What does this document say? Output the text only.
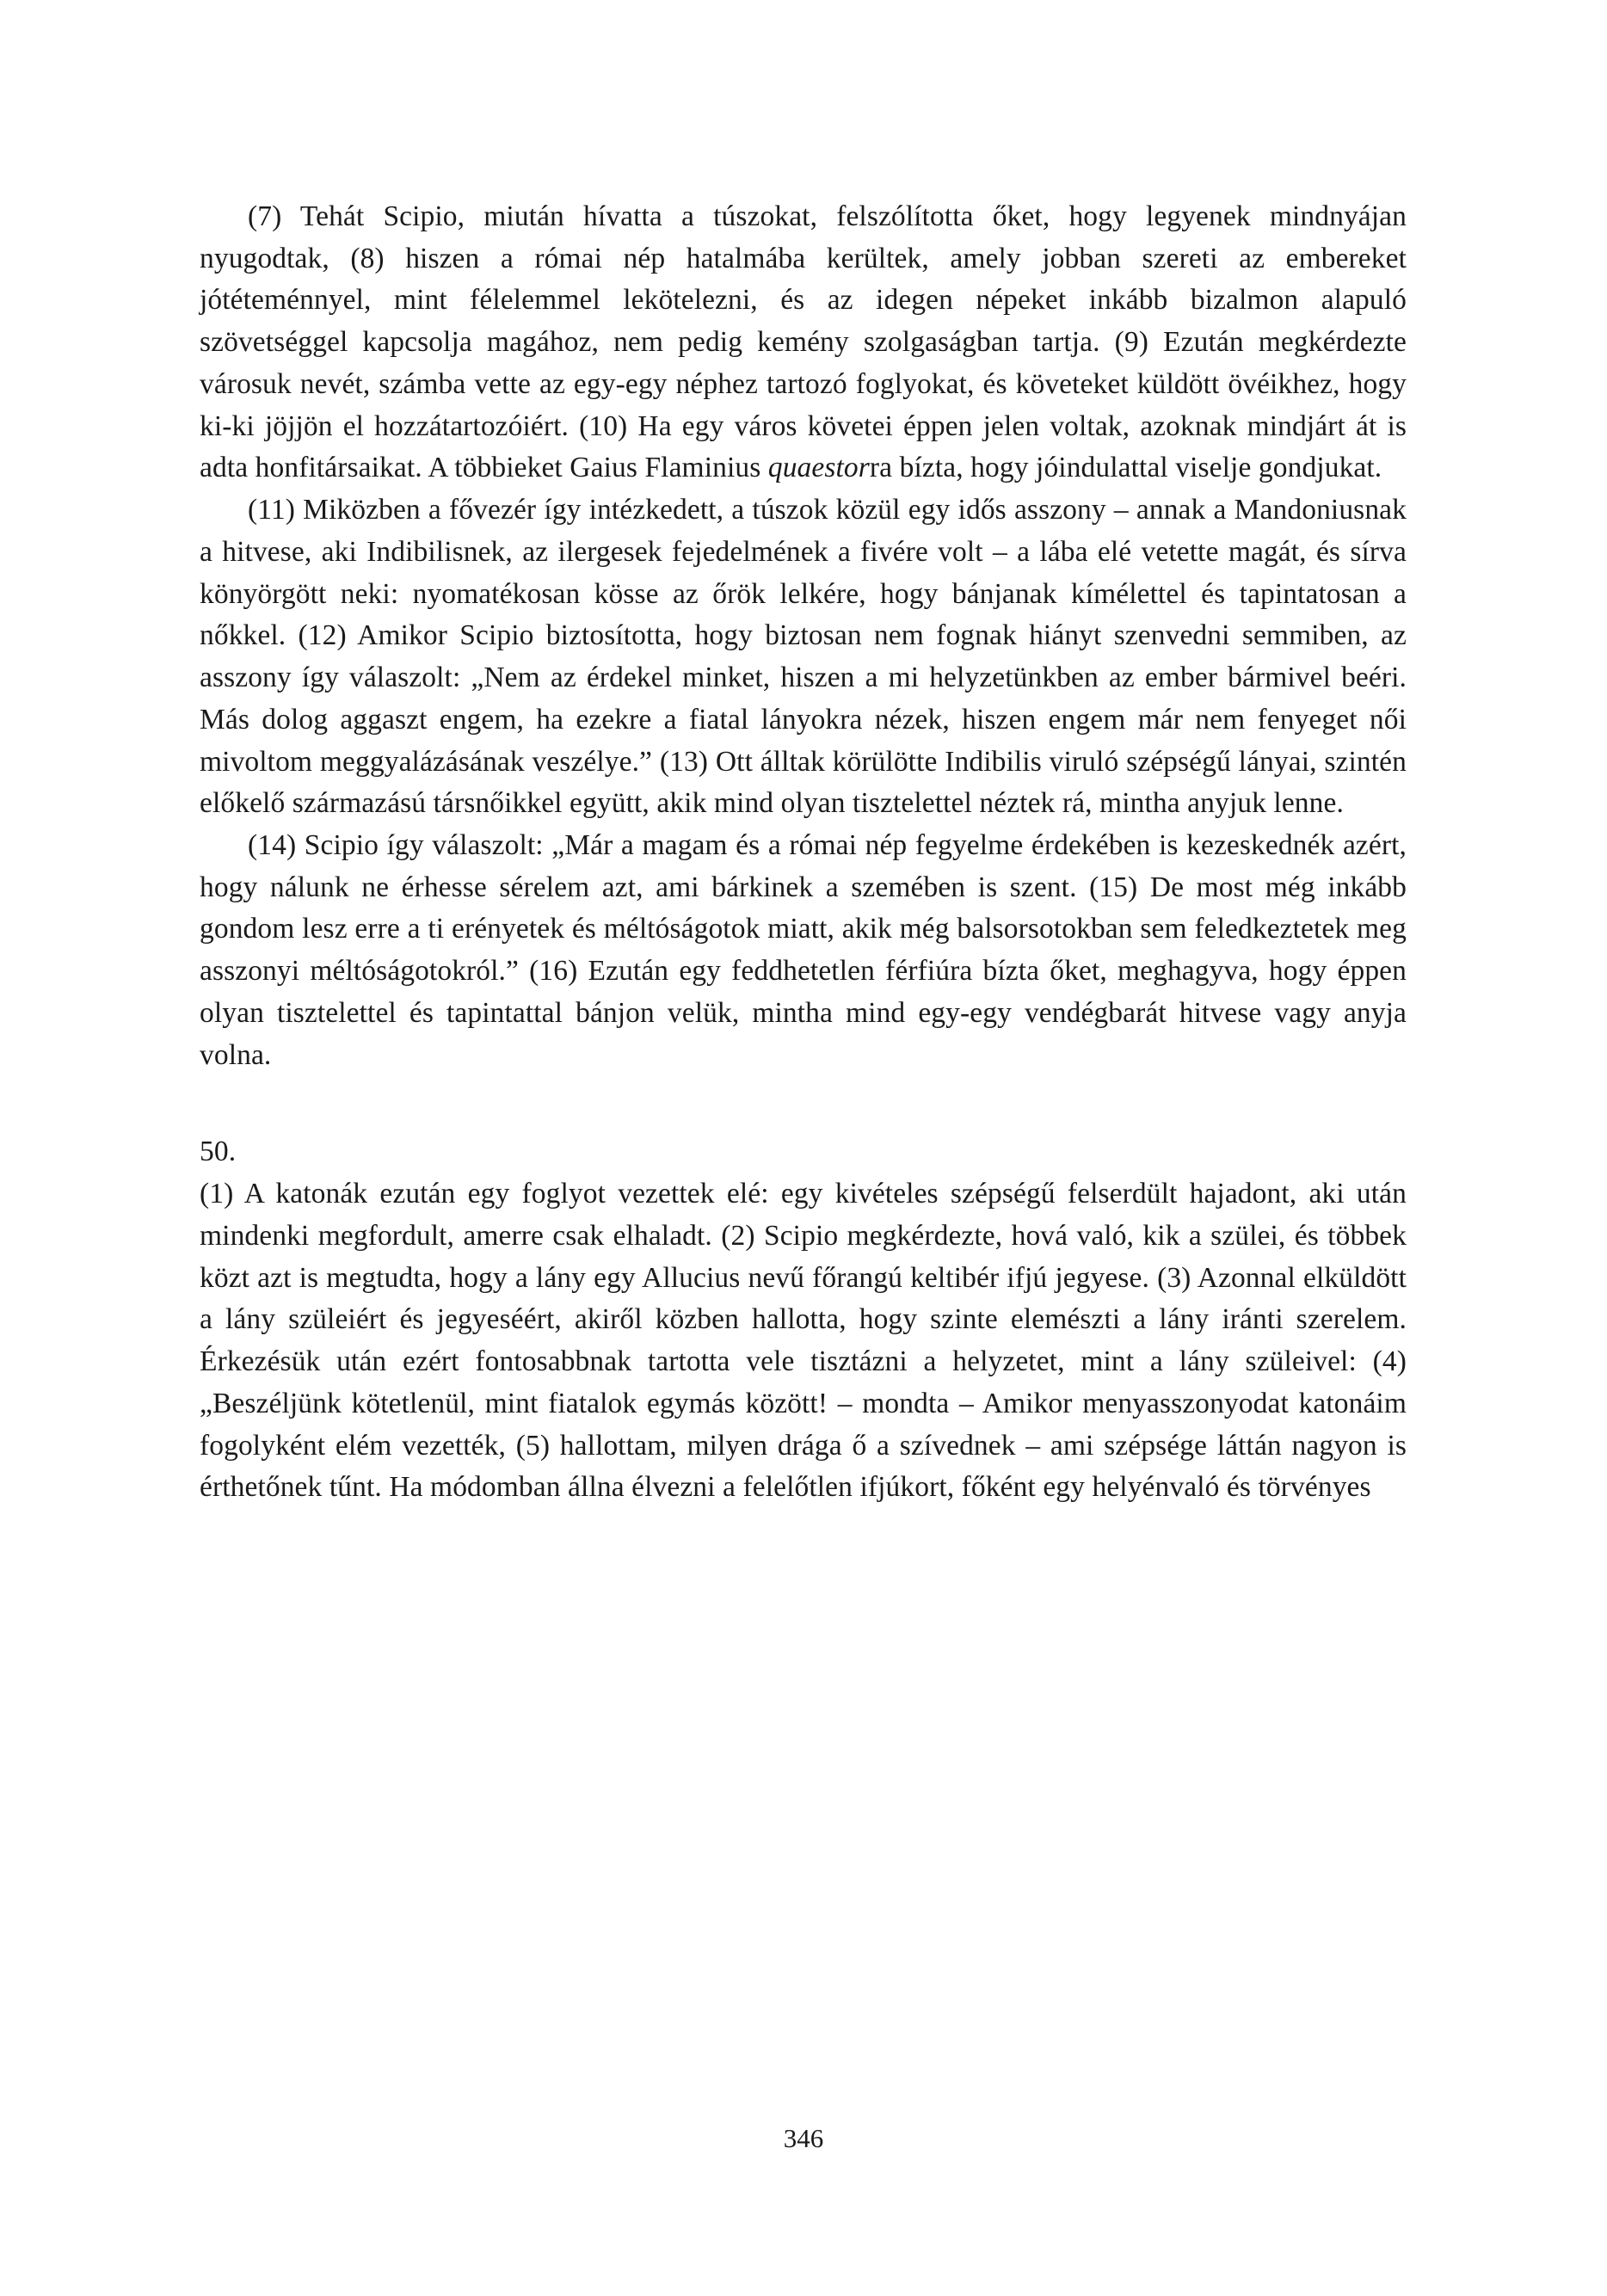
(7) Tehát Scipio, miután hívatta a túszokat, felszólította őket, hogy legyenek mindnyájan nyugodtak, (8) hiszen a római nép hatalmába kerültek, amely jobban szereti az embereket jótéteménnyel, mint félelemmel lekötelezni, és az idegen népeket inkább bizalmon alapuló szövetséggel kapcsolja magához, nem pedig kemény szolgaságban tartja. (9) Ezután megkérdezte városuk nevét, számba vette az egy-egy néphez tartozó foglyokat, és követeket küldött övéikhez, hogy ki-ki jöjjön el hozzátartozóiért. (10) Ha egy város követei éppen jelen voltak, azoknak mindjárt át is adta honfitársaikat. A többieket Gaius Flaminius quaestorra bízta, hogy jóindulattal viselje gondjukat.

(11) Miközben a fővezér így intézkedett, a túszok közül egy idős asszony – annak a Mandoniusnak a hitvese, aki Indibilisnek, az ilergesek fejedelmének a fivére volt – a lába elé vetette magát, és sírva könyörgött neki: nyomatékosan kösse az őrök lelkére, hogy bánjanak kímélettel és tapintatosan a nőkkel. (12) Amikor Scipio biztosította, hogy biztosan nem fognak hiányt szenvedni semmiben, az asszony így válaszolt: „Nem az érdekel minket, hiszen a mi helyzetünkben az ember bármivel beéri. Más dolog aggaszt engem, ha ezekre a fiatal lányokra nézek, hiszen engem már nem fenyeget női mivoltom meggyalázásának veszélye.” (13) Ott álltak körülötte Indibilis viruló szépségű lányai, szintén előkelő származású társnőikkel együtt, akik mind olyan tisztelettel néztek rá, mintha anyjuk lenne.

(14) Scipio így válaszolt: „Már a magam és a római nép fegyelme érdekében is kezeskednék azért, hogy nálunk ne érhesse sérelem azt, ami bárkinek a szemében is szent. (15) De most még inkább gondom lesz erre a ti erényetek és méltóságotok miatt, akik még balsorsotokban sem feledkeztetek meg asszonyi méltóságotokról.” (16) Ezután egy feddhetetlen férfiúra bízta őket, meghagyva, hogy éppen olyan tisztelettel és tapintattal bánjon velük, mintha mind egy-egy vendégbarát hitvese vagy anyja volna.

50.

(1) A katonák ezután egy foglyot vezettek elé: egy kivételes szépségű felserdült hajadont, aki után mindenki megfordult, amerre csak elhaladt. (2) Scipio megkérdezte, hová való, kik a szülei, és többek közt azt is megtudta, hogy a lány egy Allucius nevű főrangú keltibér ifjú jegyese. (3) Azonnal elküldött a lány szüleiért és jegyeséért, akiről közben hallotta, hogy szinte elemészti a lány iránti szerelem. Érkezésük után ezért fontosabbnak tartotta vele tisztázni a helyzetet, mint a lány szüleivel: (4) „Beszéljünk kötetlenül, mint fiatalok egymás között! – mondta – Amikor menyasszonyodat katonáim fogolyként elém vezették, (5) hallottam, milyen drága ő a szívednek – ami szépsége láttán nagyon is érthetőnek tűnt. Ha módomban állna élvezni a felelőtlen ifjúkort, főként egy helyénvaló és törvényes

346
